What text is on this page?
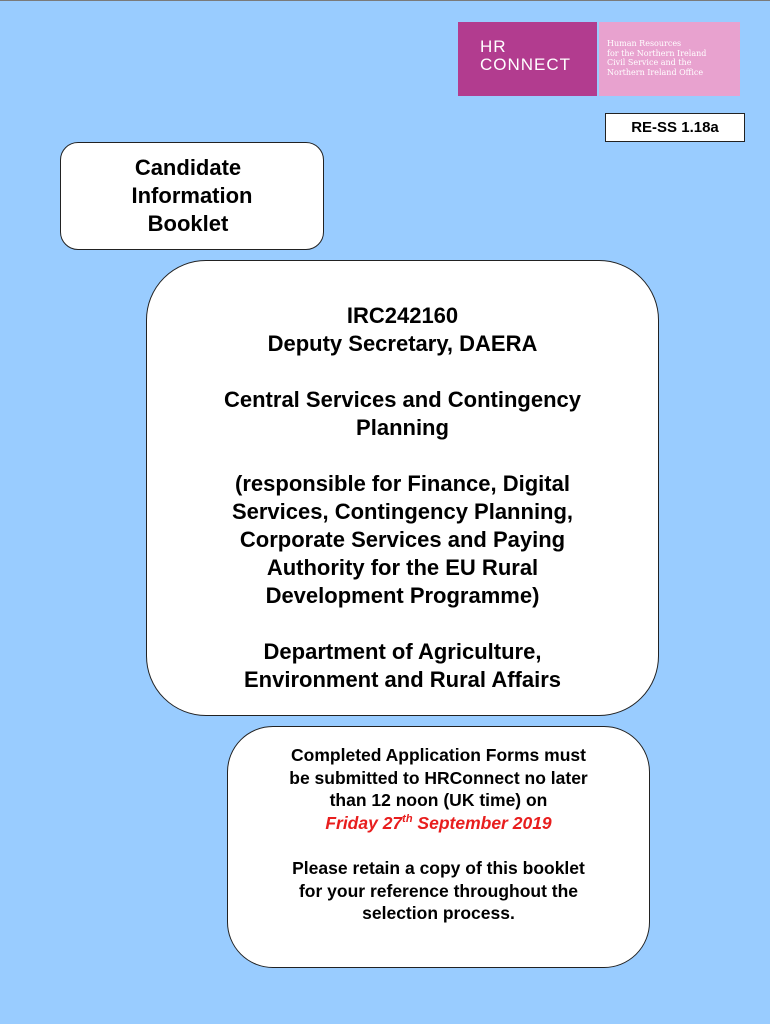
HR
CONNECT
Human Resources
for the Northern Ireland
Civil Service and the
Northern Ireland Office
RE-SS 1.18a
Candidate
Information
Booklet
IRC242160
Deputy Secretary, DAERA
Central Services and Contingency
Planning
(responsible for Finance, Digital
Services, Contingency Planning,
Corporate Services and Paying
Authority for the EU Rural
Development Programme)
Department of Agriculture,
Environment and Rural Affairs
Completed Application Forms must
be submitted to HRConnect no later
than 12 noon (UK time) on
Friday 27th September 2019
Please retain a copy of this booklet
for your reference throughout the
selection process.
